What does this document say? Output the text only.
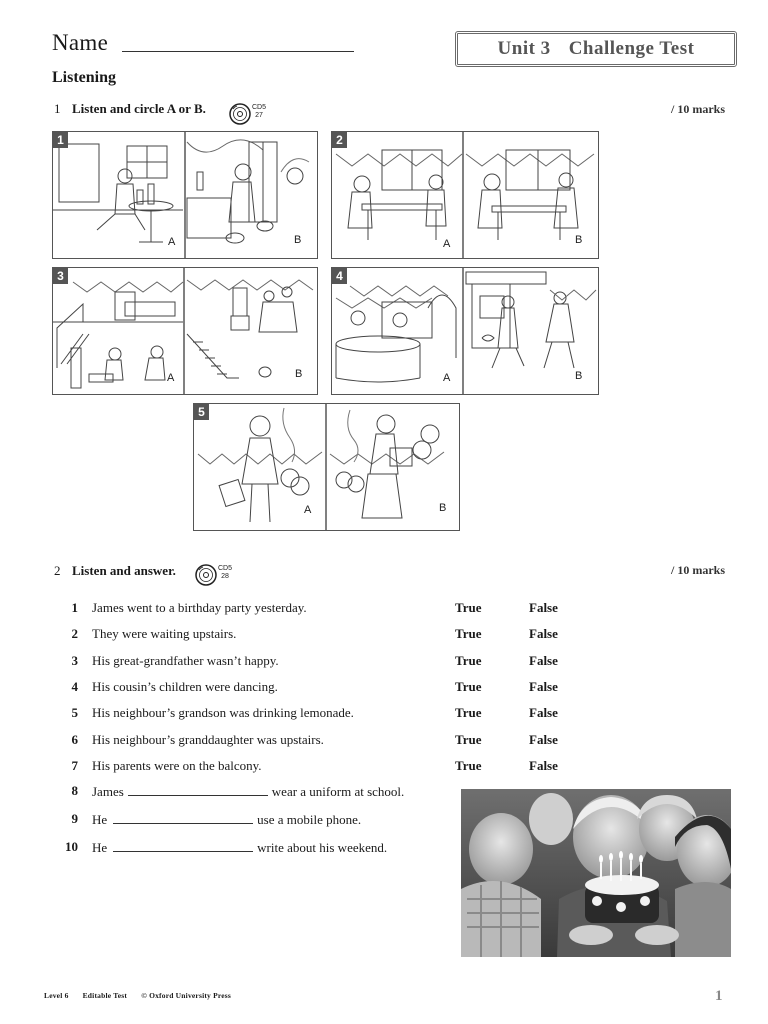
Name	Unit 3 Challenge Test
Listening
1 Listen and circle A or B.	CD5
27	/ 10 marks
1
A	B
2
A	B
3
A	B
4
A	B
5
A	B
2 Listen and answer.	CD5
28	/ 10 marks
1 James went to a birthday party yesterday.	True	False
2 They were waiting upstairs.	True	False
3 His great-grandfather wasn’t happy.	True	False
4 His cousin’s children were dancing.	True	False
5 His neighbour’s grandson was drinking lemonade.	True	False
6 His neighbour’s granddaughter was upstairs.	True	False
7 His parents were on the balcony.	True	False
8 James	wear a uniform at school.
9 He	use a mobile phone.
10 He	write about his weekend.
Level 6 Editable Test © Oxford University Press	1
